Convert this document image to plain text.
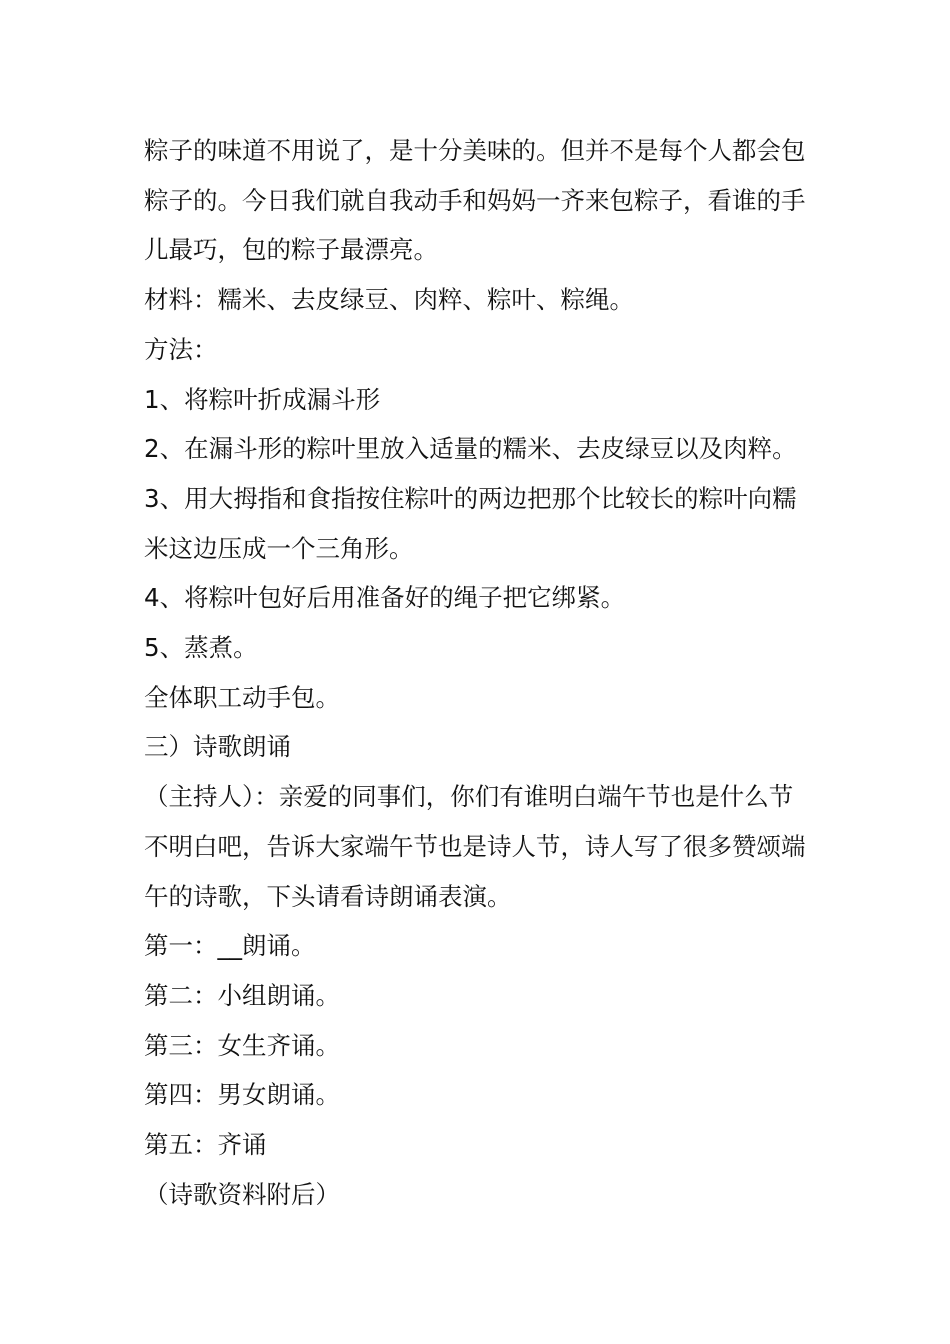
粽子的味道不用说了，是十分美味的。但并不是每个人都会包粽子的。今日我们就自我动手和妈妈一齐来包粽子，看谁的手儿最巧，包的粽子最漂亮。

材料：糯米、去皮绿豆、肉粹、粽叶、粽绳。

方法：

1、将粽叶折成漏斗形

2、在漏斗形的粽叶里放入适量的糯米、去皮绿豆以及肉粹。

3、用大拇指和食指按住粽叶的两边把那个比较长的粽叶向糯米这边压成一个三角形。

4、将粽叶包好后用准备好的绳子把它绑紧。

5、蒸煮。

全体职工动手包。

三）诗歌朗诵

（主持人）：亲爱的同事们，你们有谁明白端午节也是什么节不明白吧，告诉大家端午节也是诗人节，诗人写了很多赞颂端午的诗歌，下头请看诗朗诵表演。

第一：__朗诵。

第二：小组朗诵。

第三：女生齐诵。

第四：男女朗诵。

第五：齐诵

（诗歌资料附后）
